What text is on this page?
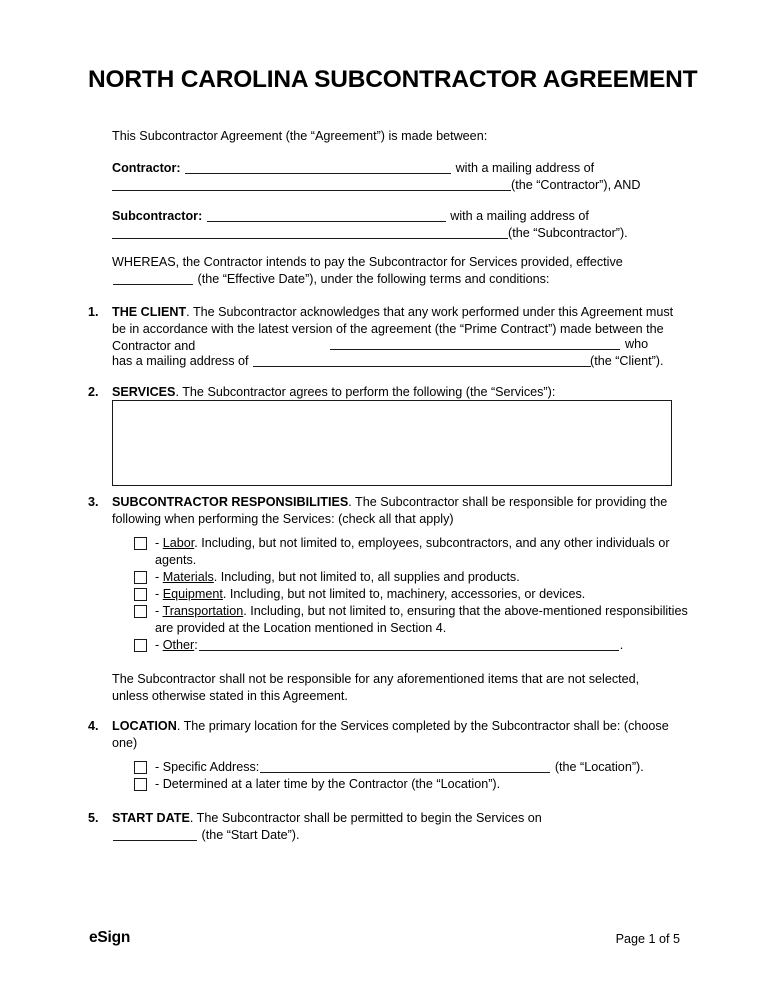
NORTH CAROLINA SUBCONTRACTOR AGREEMENT
This Subcontractor Agreement (the “Agreement”) is made between:
Contractor:	with a mailing address of
(the “Contractor”), AND
Subcontractor:	with a mailing address of
(the “Subcontractor”).
WHEREAS, the Contractor intends to pay the Subcontractor for Services provided, effective
(the “Effective Date”), under the following terms and conditions:
1. THE CLIENT. The Subcontractor acknowledges that any work performed under this Agreement must be in accordance with the latest version of the agreement (the “Prime Contract”) made between the Contractor and	who
has a mailing address of	(the “Client”).
2. SERVICES. The Subcontractor agrees to perform the following (the “Services”):
3. SUBCONTRACTOR RESPONSIBILITIES. The Subcontractor shall be responsible for providing the following when performing the Services: (check all that apply)
- Labor. Including, but not limited to, employees, subcontractors, and any other individuals or agents.
- Materials. Including, but not limited to, all supplies and products.
- Equipment. Including, but not limited to, machinery, accessories, or devices.
- Transportation. Including, but not limited to, ensuring that the above-mentioned responsibilities are provided at the Location mentioned in Section 4.
- Other:	.
The Subcontractor shall not be responsible for any aforementioned items that are not selected, unless otherwise stated in this Agreement.
4. LOCATION. The primary location for the Services completed by the Subcontractor shall be: (choose one)
- Specific Address:	(the “Location”).
- Determined at a later time by the Contractor (the “Location”).
5. START DATE. The Subcontractor shall be permitted to begin the Services on
(the “Start Date”).
eSign	Page 1 of 5
